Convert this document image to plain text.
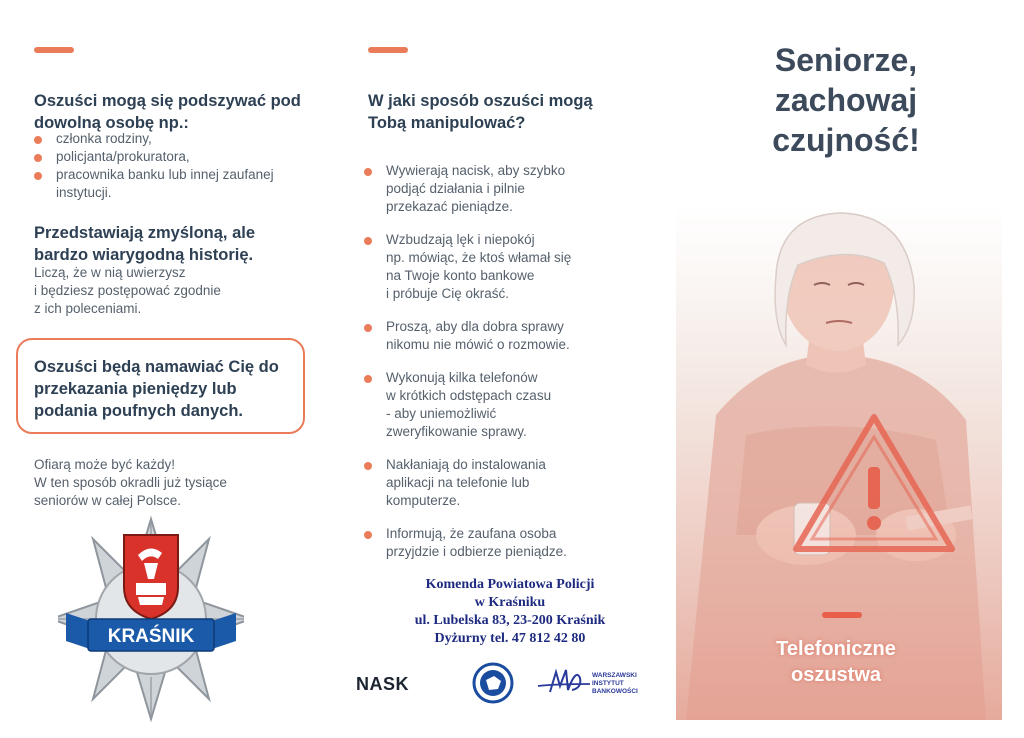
Oszuści mogą się podszywać pod dowolną osobę np.:
członka rodziny,
policjanta/prokuratora,
pracownika banku lub innej zaufanej instytucji.
Przedstawiają zmyśloną, ale bardzo wiarygodną historię.
Liczą, że w nią uwierzysz
i będziesz postępować zgodnie
z ich poleceniami.
Oszuści będą namawiać Cię do przekazania pieniędzy lub podania poufnych danych.
Ofiarą może być każdy!
W ten sposób okradli już tysiące
seniorów w całej Polsce.
KRAŚNIK
W jaki sposób oszuści mogą Tobą manipulować?
Wywierają nacisk, aby szybko
podjąć działania i pilnie
przekazać pieniądze.
Wzbudzają lęk i niepokój
np. mówiąc, że ktoś włamał się
na Twoje konto bankowe
i próbuje Cię okraść.
Proszą, aby dla dobra sprawy
nikomu nie mówić o rozmowie.
Wykonują kilka telefonów
w krótkich odstępach czasu
- aby uniemożliwić
zweryfikowanie sprawy.
Nakłaniają do instalowania
aplikacji na telefonie lub
komputerze.
Informują, że zaufana osoba
przyjdzie i odbierze pieniądze.
Komenda Powiatowa Policji
w Kraśniku
ul. Lubelska 83, 23-200 Kraśnik
Dyżurny tel. 47 812 42 80
NASK	WARSZAWSKI
INSTYTUT
BANKOWOŚCI
Seniorze,
zachowaj
czujność!
Telefoniczne
oszustwa
